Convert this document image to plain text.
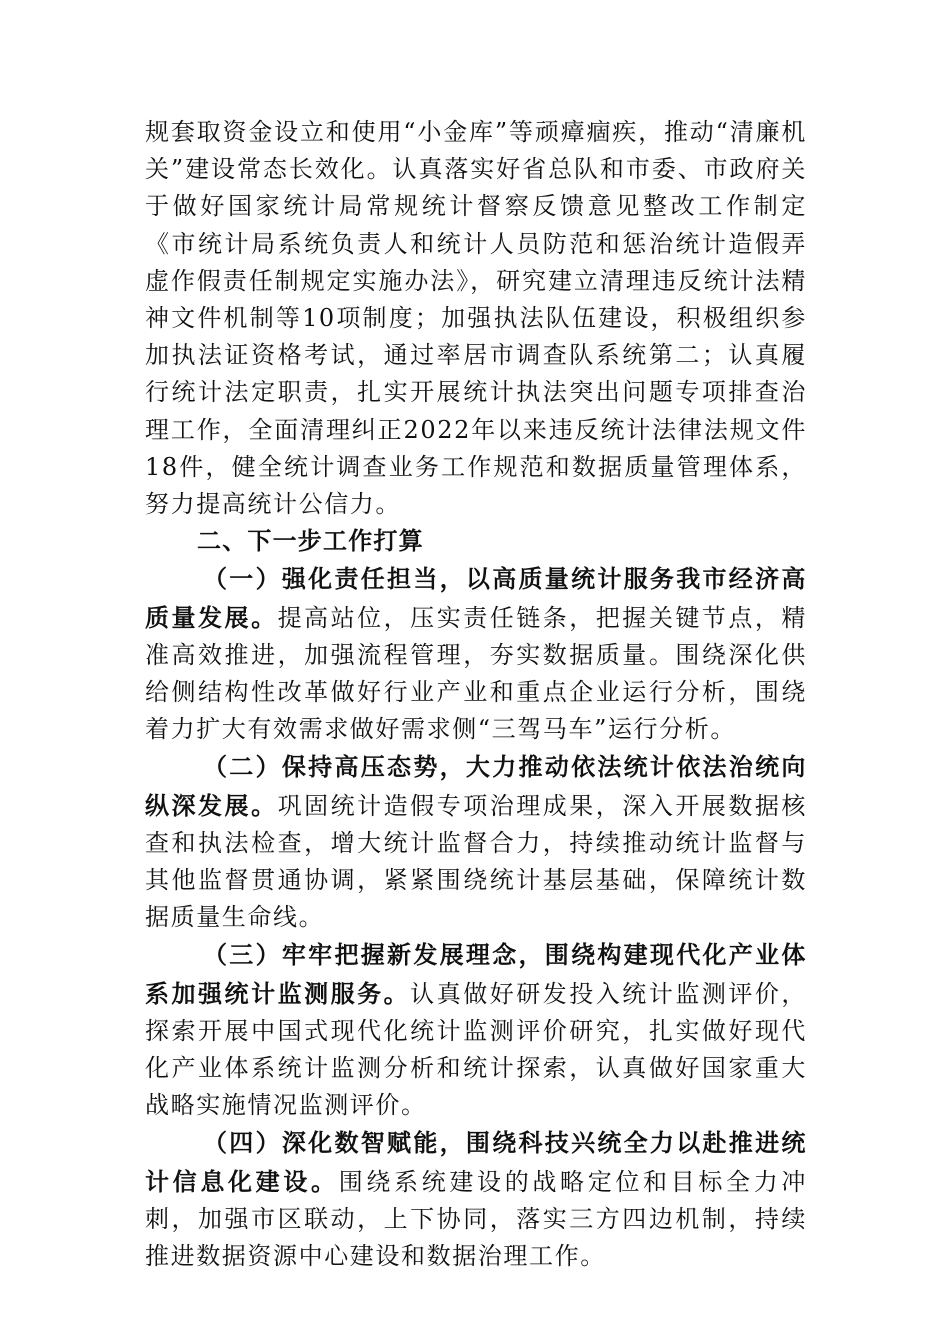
规套取资金设立和使用“小金库”等顽瘴痼疾，推动“清廉机关”建设常态长效化。认真落实好省总队和市委、市政府关于做好国家统计局常规统计督察反馈意见整改工作制定《市统计局系统负责人和统计人员防范和惩治统计造假弄虚作假责任制规定实施办法》，研究建立清理违反统计法精神文件机制等10项制度；加强执法队伍建设，积极组织参加执法证资格考试，通过率居市调查队系统第二；认真履行统计法定职责，扎实开展统计执法突出问题专项排查治理工作，全面清理纠正2022年以来违反统计法律法规文件18件，健全统计调查业务工作规范和数据质量管理体系，努力提高统计公信力。

二、下一步工作打算

（一）强化责任担当，以高质量统计服务我市经济高质量发展。提高站位，压实责任链条，把握关键节点，精准高效推进，加强流程管理，夯实数据质量。围绕深化供给侧结构性改革做好行业产业和重点企业运行分析，围绕着力扩大有效需求做好需求侧“三驾马车”运行分析。

（二）保持高压态势，大力推动依法统计依法治统向纵深发展。巩固统计造假专项治理成果，深入开展数据核查和执法检查，增大统计监督合力，持续推动统计监督与其他监督贯通协调，紧紧围绕统计基层基础，保障统计数据质量生命线。

（三）牢牢把握新发展理念，围绕构建现代化产业体系加强统计监测服务。认真做好研发投入统计监测评价，探索开展中国式现代化统计监测评价研究，扎实做好现代化产业体系统计监测分析和统计探索，认真做好国家重大战略实施情况监测评价。

（四）深化数智赋能，围绕科技兴统全力以赴推进统计信息化建设。围绕系统建设的战略定位和目标全力冲刺，加强市区联动，上下协同，落实三方四边机制，持续推进数据资源中心建设和数据治理工作。
